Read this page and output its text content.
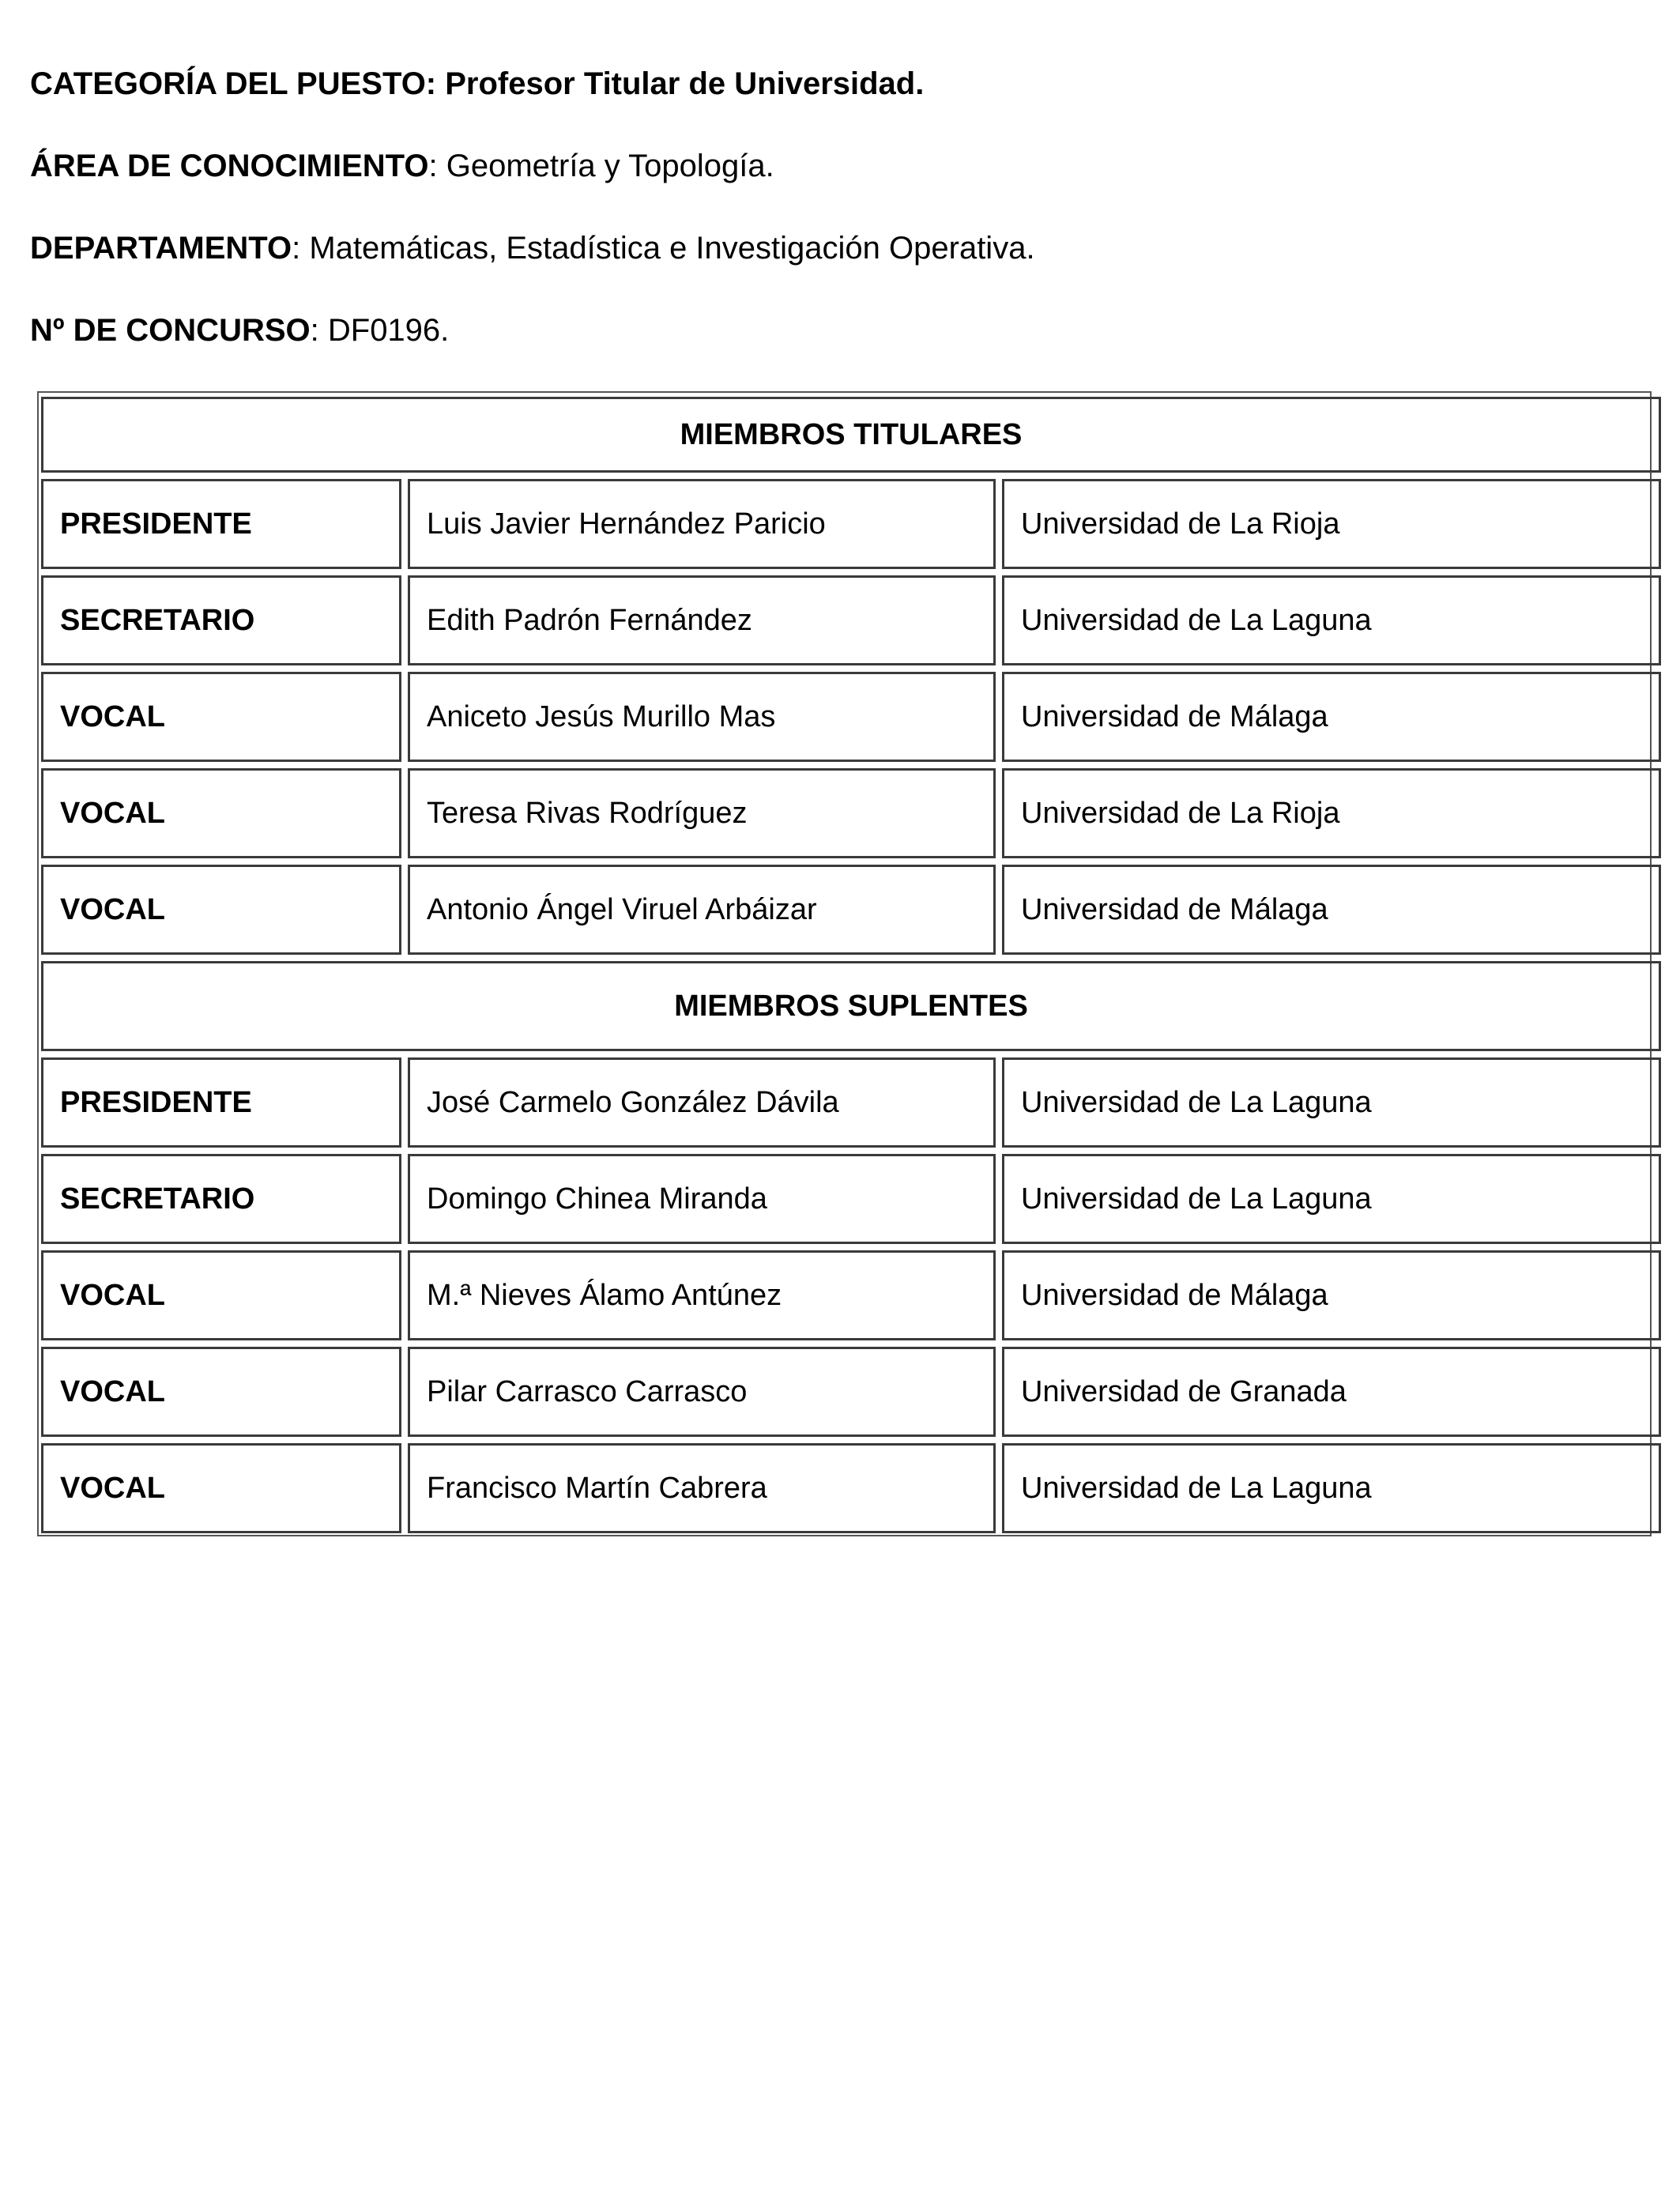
CATEGORÍA DEL PUESTO: Profesor Titular de Universidad.

ÁREA DE CONOCIMIENTO: Geometría y Topología.

DEPARTAMENTO: Matemáticas, Estadística e Investigación Operativa.

Nº DE CONCURSO: DF0196.

MIEMBROS TITULARES				
PRESIDENTE		Luis Javier Hernández Paricio		Universidad de La Rioja
SECRETARIO		Edith Padrón Fernández		Universidad de La Laguna
VOCAL		Aniceto Jesús Murillo Mas		Universidad de Málaga
VOCAL		Teresa Rivas Rodríguez		Universidad de La Rioja
VOCAL		Antonio Ángel Viruel Arbáizar		Universidad de Málaga
MIEMBROS SUPLENTES				
PRESIDENTE		José Carmelo González Dávila		Universidad de La Laguna
SECRETARIO		Domingo Chinea Miranda		Universidad de La Laguna
VOCAL		M.ª Nieves Álamo Antúnez		Universidad de Málaga
VOCAL		Pilar Carrasco Carrasco		Universidad de Granada
VOCAL		Francisco Martín Cabrera		Universidad de La Laguna
